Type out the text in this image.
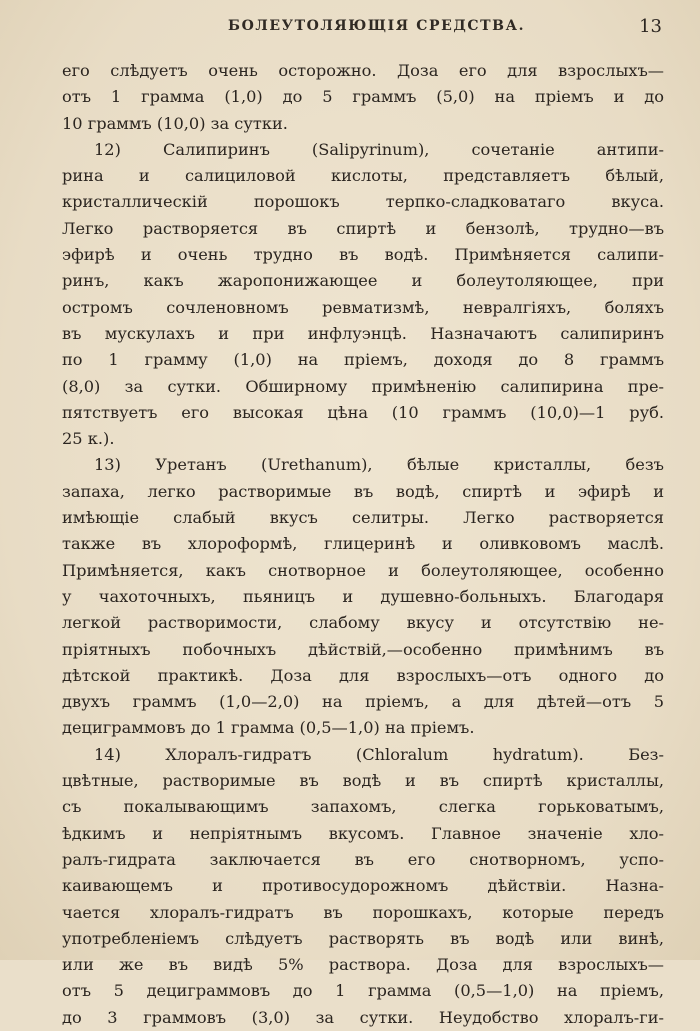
БОЛЕУТОЛЯЮЩІЯ СРЕДСТВА.	13
его слѣдуетъ очень осторожно. Доза его для взрослыхъ—
отъ 1 грамма (1,0) до 5 граммъ (5,0) на пріемъ и до
10 граммъ (10,0) за сутки.
12) Салипиринъ (Salipyrinum), сочетаніе антипи-
рина и салициловой кислоты, представляетъ бѣлый,
кристаллическій порошокъ терпко-сладковатаго вкуса.
Легко растворяется въ спиртѣ и бензолѣ, трудно—въ
эфирѣ и очень трудно въ водѣ. Примѣняется салипи-
ринъ, какъ жаропонижающее и болеутоляющее, при
остромъ сочленовномъ ревматизмѣ, невралгіяхъ, боляхъ
въ мускулахъ и при инфлуэнцѣ. Назначаютъ салипиринъ
по 1 грамму (1,0) на пріемъ, доходя до 8 граммъ
(8,0) за сутки. Обширному примѣненію салипирина пре-
пятствуетъ его высокая цѣна (10 граммъ (10,0)—1 руб.
25 к.).
13) Уретанъ (Urethanum), бѣлые кристаллы, безъ
запаха, легко растворимые въ водѣ, спиртѣ и эфирѣ и
имѣющіе слабый вкусъ селитры. Легко растворяется
также въ хлороформѣ, глицеринѣ и оливковомъ маслѣ.
Примѣняется, какъ снотворное и болеутоляющее, особенно
у чахоточныхъ, пьяницъ и душевно-больныхъ. Благодаря
легкой растворимости, слабому вкусу и отсутствію не-
пріятныхъ побочныхъ дѣйствій,—особенно примѣнимъ въ
дѣтской практикѣ. Доза для взрослыхъ—отъ одного до
двухъ граммъ (1,0—2,0) на пріемъ, а для дѣтей—отъ 5
дециграммовъ до 1 грамма (0,5—1,0) на пріемъ.
14) Хлоралъ-гидратъ (Chloralum hydratum). Без-
цвѣтные, растворимые въ водѣ и въ спиртѣ кристаллы,
съ покалывающимъ запахомъ, слегка горьковатымъ,
ѣдкимъ и непріятнымъ вкусомъ. Главное значеніе хло-
ралъ-гидрата заключается въ его снотворномъ, успо-
каивающемъ и противосудорожномъ дѣйствіи. Назна-
чается хлоралъ-гидратъ въ порошкахъ, которые передъ
употребленіемъ слѣдуетъ растворять въ водѣ или винѣ,
или же въ видѣ 5% раствора. Доза для взрослыхъ—
отъ 5 дециграммовъ до 1 грамма (0,5—1,0) на пріемъ,
до 3 граммовъ (3,0) за сутки. Неудобство хлоралъ-ги-
